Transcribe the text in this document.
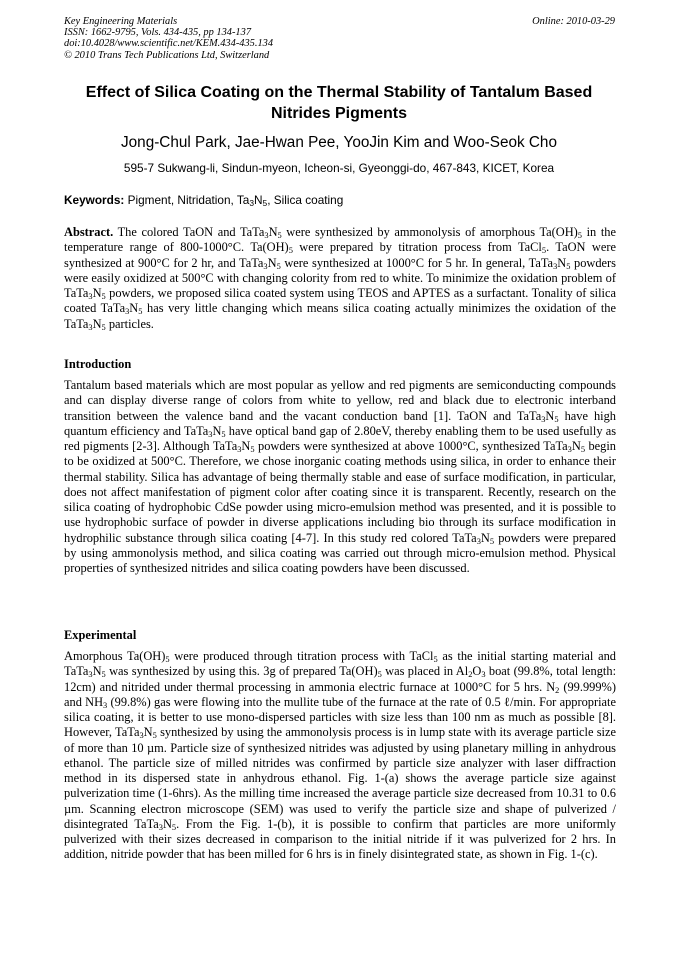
Key Engineering Materials
ISSN: 1662-9795, Vols. 434-435, pp 134-137
doi:10.4028/www.scientific.net/KEM.434-435.134
© 2010 Trans Tech Publications Ltd, Switzerland
Online: 2010-03-29
Effect of Silica Coating on the Thermal Stability of Tantalum Based
Nitrides Pigments
Jong-Chul Park, Jae-Hwan Pee, YooJin Kim and Woo-Seok Cho
595-7 Sukwang-li, Sindun-myeon, Icheon-si, Gyeonggi-do, 467-843, KICET, Korea
Keywords: Pigment, Nitridation, $Ta_3N_5$, Silica coating
Abstract. The colored TaON and $TaTa_3N_5$ were synthesized by ammonolysis of amorphous $Ta(OH)_5$ in the temperature range of 800-1000°C. $Ta(OH)_5$ were prepared by titration process from TaCl$_5$. TaON were synthesized at 900°C for 2 hr, and $TaTa_3N_5$ were synthesized at 1000°C for 5 hr. In general, $TaTa_3N_5$ powders were easily oxidized at 500°C with changing colority from red to white. To minimize the oxidation problem of $TaTa_3N_5$ powders, we proposed silica coated system using TEOS and APTES as a surfactant. Tonality of silica coated $TaTa_3N_5$ has very little changing which means silica coating actually minimizes the oxidation of the $TaTa_3N_5$ particles.
Introduction
Tantalum based materials which are most popular as yellow and red pigments are semiconducting compounds and can display diverse range of colors from white to yellow, red and black due to electronic interband transition between the valence band and the vacant conduction band [1]. TaON and $TaTa_3N_5$ have high quantum efficiency and $TaTa_3N_5$ have optical band gap of 2.80eV, thereby enabling them to be used usefully as red pigments [2-3]. Although $TaTa_3N_5$ powders were synthesized at above 1000°C, synthesized $TaTa_3N_5$ begin to be oxidized at 500°C. Therefore, we chose inorganic coating methods using silica, in order to enhance their thermal stability. Silica has advantage of being thermally stable and ease of surface modification, in particular, does not affect manifestation of pigment color after coating since it is transparent. Recently, research on the silica coating of hydrophobic CdSe powder using micro-emulsion method was presented, and it is possible to use hydrophobic surface of powder in diverse applications including bio through its surface modification in hydrophilic substance through silica coating [4-7]. In this study red colored $TaTa_3N_5$ powders were prepared by using ammonolysis method, and silica coating was carried out through micro-emulsion method. Physical properties of synthesized nitrides and silica coating powders have been discussed.
Experimental
Amorphous $Ta(OH)_5$ were produced through titration process with TaCl$_5$ as the initial starting material and $TaTa_3N_5$ was synthesized by using this. 3g of prepared $Ta(OH)_5$ was placed in $Al_2O_3$ boat (99.8%, total length: 12cm) and nitrided under thermal processing in ammonia electric furnace at 1000°C for 5 hrs. $N_2$ (99.999%) and $NH_3$ (99.8%) gas were flowing into the mullite tube of the furnace at the rate of 0.5 ℓ/min. For appropriate silica coating, it is better to use mono-dispersed particles with size less than 100 nm as much as possible [8]. However, $TaTa_3N_5$ synthesized by using the ammonolysis process is in lump state with its average particle size of more than 10 µm. Particle size of synthesized nitrides was adjusted by using planetary milling in anhydrous ethanol. The particle size of milled nitrides was confirmed by particle size analyzer with laser diffraction method in its dispersed state in anhydrous ethanol. Fig. 1-(a) shows the average particle size against pulverization time (1-6hrs). As the milling time increased the average particle size decreased from 10.31 to 0.6 µm. Scanning electron microscope (SEM) was used to verify the particle size and shape of pulverized / disintegrated $TaTa_3N_5$. From the Fig. 1-(b), it is possible to confirm that particles are more uniformly pulverized with their sizes decreased in comparison to the initial nitride if it was pulverized for 2 hrs. In addition, nitride powder that has been milled for 6 hrs is in finely disintegrated state, as shown in Fig. 1-(c).
